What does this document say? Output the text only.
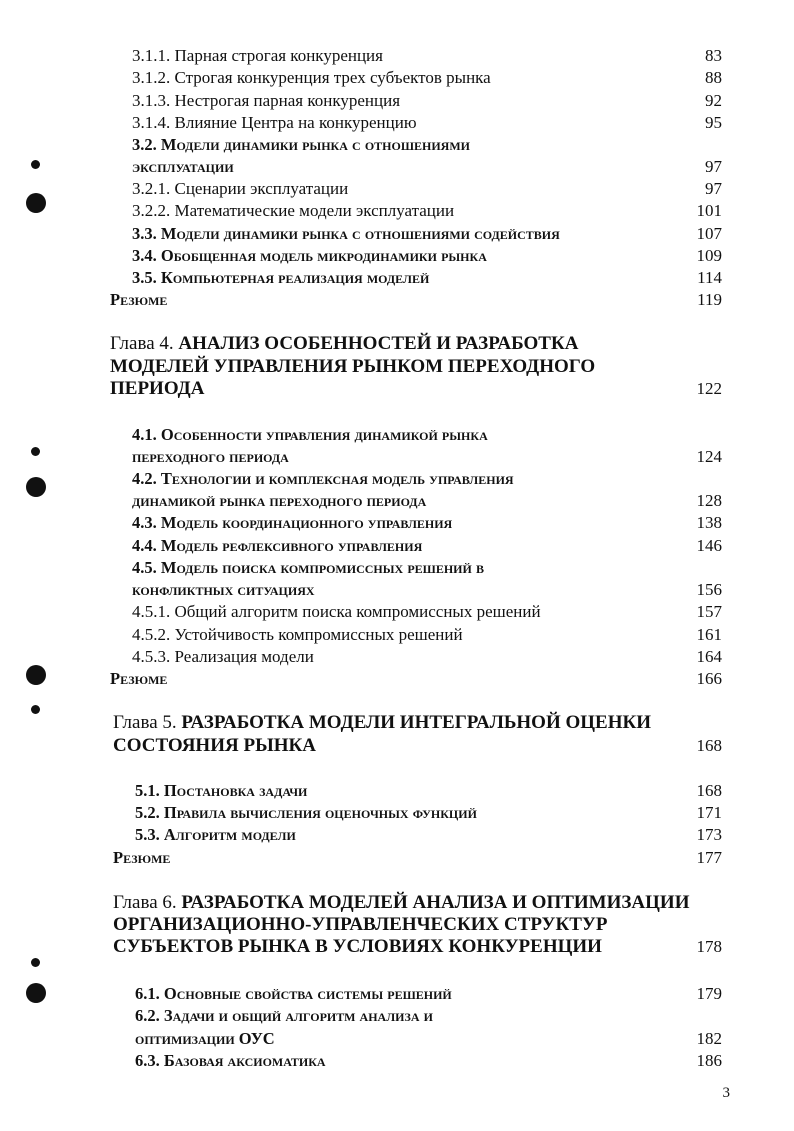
3.1.1. Парная строгая конкуренция	83
3.1.2. Строгая конкуренция трех субъектов рынка	88
3.1.3. Нестрогая парная конкуренция	92
3.1.4. Влияние Центра на конкуренцию	95
3.2. Модели динамики рынка с отношениями
эксплуатации	97
3.2.1. Сценарии эксплуатации	97
3.2.2. Математические модели эксплуатации	101
3.3. Модели динамики рынка с отношениями содействия	107
3.4. Обобщенная модель микродинамики рынка	109
3.5. Компьютерная реализация моделей	114
Резюме	119
Глава 4. АНАЛИЗ ОСОБЕННОСТЕЙ И РАЗРАБОТКА
МОДЕЛЕЙ УПРАВЛЕНИЯ РЫНКОМ ПЕРЕХОДНОГО
ПЕРИОДА	122
4.1. Особенности управления динамикой рынка
переходного периода	124
4.2. Технологии и комплексная модель управления
динамикой рынка переходного периода	128
4.3. Модель координационного управления	138
4.4. Модель рефлексивного управления	146
4.5. Модель поиска компромиссных решений в
конфликтных ситуациях	156
4.5.1. Общий алгоритм поиска компромиссных решений	157
4.5.2. Устойчивость компромиссных решений	161
4.5.3. Реализация модели	164
Резюме	166
Глава 5. РАЗРАБОТКА МОДЕЛИ ИНТЕГРАЛЬНОЙ ОЦЕНКИ
СОСТОЯНИЯ РЫНКА	168
5.1. Постановка задачи	168
5.2. Правила вычисления оценочных функций	171
5.3. Алгоритм модели	173
Резюме	177
Глава 6. РАЗРАБОТКА МОДЕЛЕЙ АНАЛИЗА И ОПТИМИЗАЦИИ
ОРГАНИЗАЦИОННО-УПРАВЛЕНЧЕСКИХ СТРУКТУР
СУБЪЕКТОВ РЫНКА В УСЛОВИЯХ КОНКУРЕНЦИИ	178
6.1. Основные свойства системы решений	179
6.2. Задачи и общий алгоритм анализа и
оптимизации ОУС	182
6.3. Базовая аксиоматика	186
3
